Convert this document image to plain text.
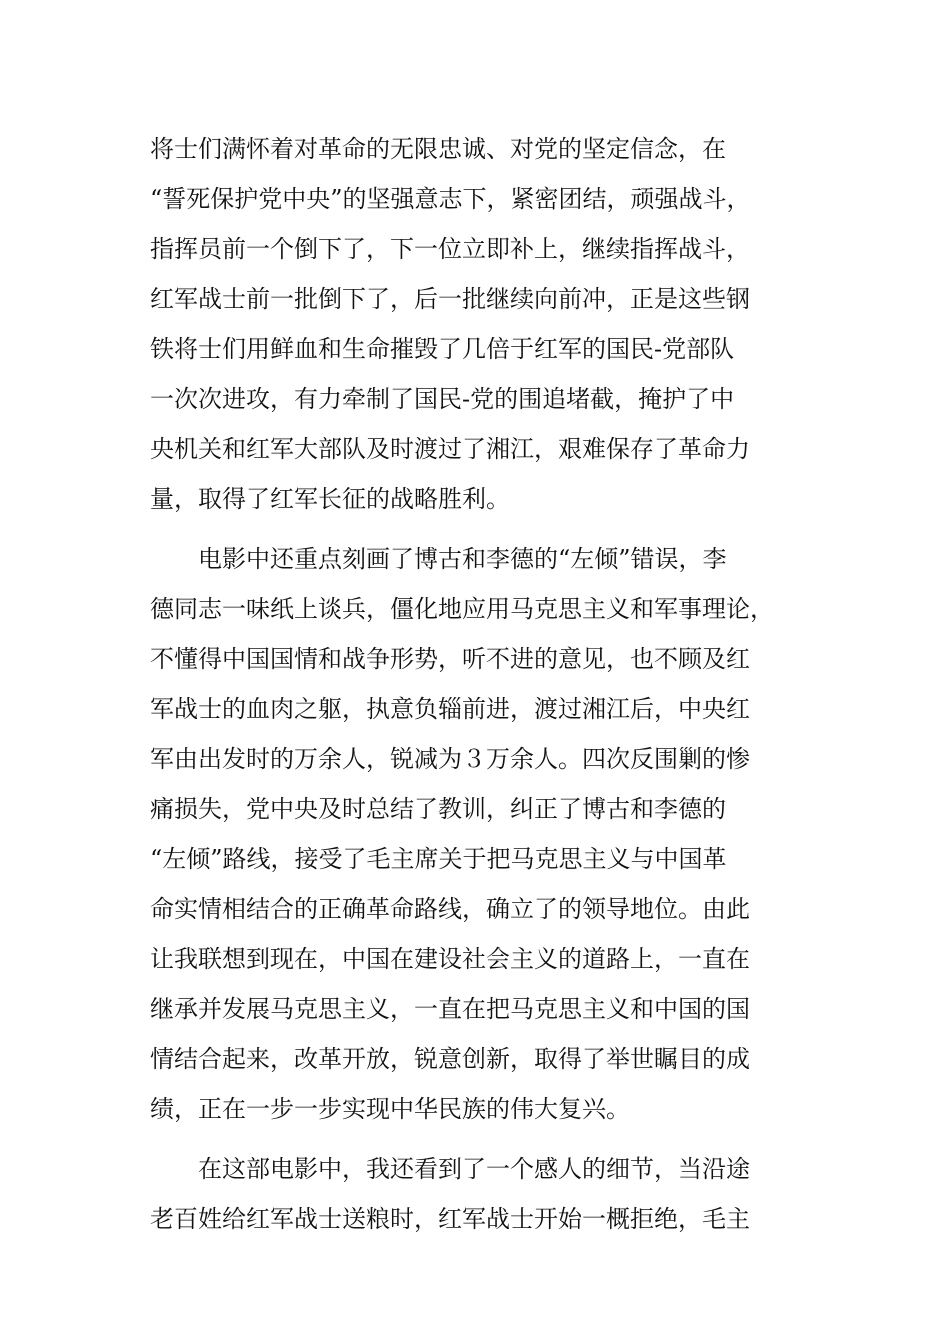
将士们满怀着对革命的无限忠诚、对党的坚定信念，在
“誓死保护党中央”的坚强意志下，紧密团结，顽强战斗，
指挥员前一个倒下了，下一位立即补上，继续指挥战斗，
红军战士前一批倒下了，后一批继续向前冲，正是这些钢
铁将士们用鲜血和生命摧毁了几倍于红军的国民-党部队
一次次进攻，有力牵制了国民-党的围追堵截，掩护了中
央机关和红军大部队及时渡过了湘江，艰难保存了革命力
量，取得了红军长征的战略胜利。
　　电影中还重点刻画了博古和李德的“左倾”错误，李
德同志一味纸上谈兵，僵化地应用马克思主义和军事理论，
不懂得中国国情和战争形势，听不进的意见，也不顾及红
军战士的血肉之躯，执意负辎前进，渡过湘江后，中央红
军由出发时的万余人，锐减为３万余人。四次反围剿的惨
痛损失，党中央及时总结了教训，纠正了博古和李德的
“左倾”路线，接受了毛主席关于把马克思主义与中国革
命实情相结合的正确革命路线，确立了的领导地位。由此
让我联想到现在，中国在建设社会主义的道路上，一直在
继承并发展马克思主义，一直在把马克思主义和中国的国
情结合起来，改革开放，锐意创新，取得了举世瞩目的成
绩，正在一步一步实现中华民族的伟大复兴。
　　在这部电影中，我还看到了一个感人的细节，当沿途
老百姓给红军战士送粮时，红军战士开始一概拒绝，毛主
